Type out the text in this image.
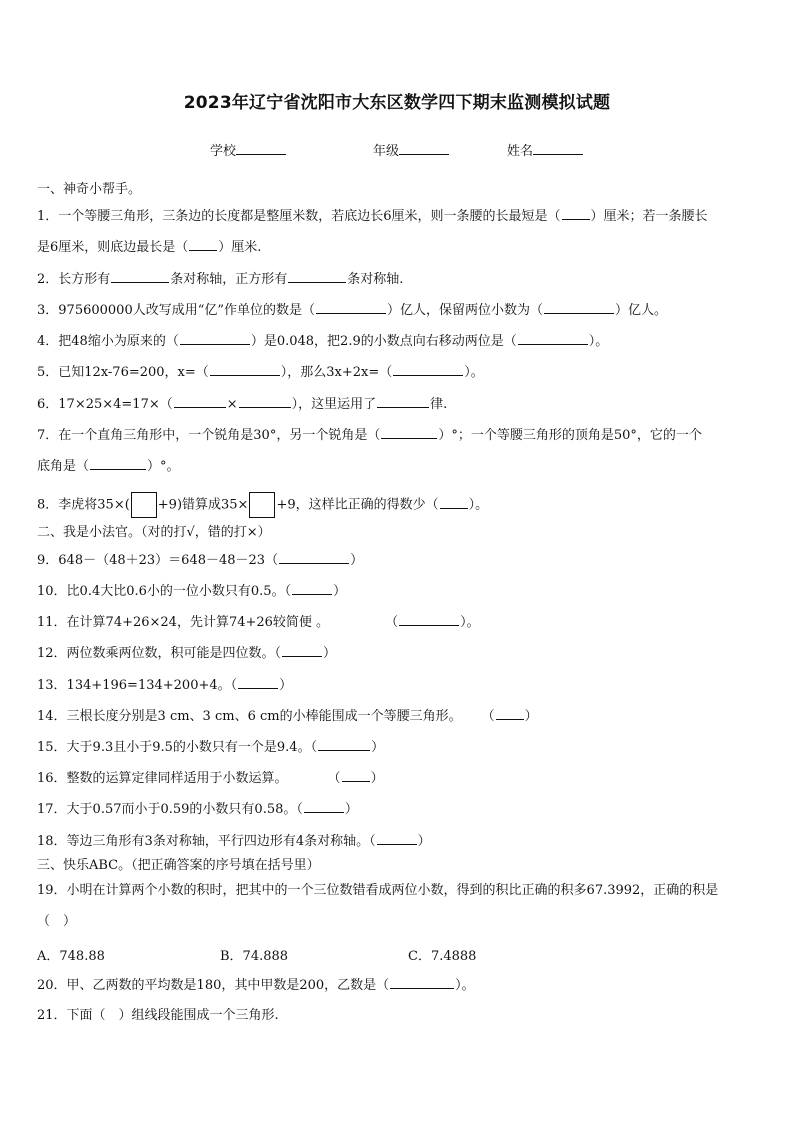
2023年辽宁省沈阳市大东区数学四下期末监测模拟试题
学校	年级	姓名
一、神奇小帮手。
1．一个等腰三角形，三条边的长度都是整厘米数，若底边长6厘米，则一条腰的长最短是（ ）厘米；若一条腰长
是6厘米，则底边最长是（ ）厘米.
2．长方形有	条对称轴，正方形有	条对称轴.
3．975600000人改写成用“亿”作单位的数是（	）亿人，保留两位小数为（	）亿人。
4．把48缩小为原来的（	）是0.048，把2.9的小数点向右移动两位是（	）。
5．已知12x-76=200，x=（	），那么3x+2x=（	）。
6．17×25×4=17×（	×	），这里运用了	律.
7．在一个直角三角形中，一个锐角是30°，另一个锐角是（	）°；一个等腰三角形的顶角是50°，它的一个
底角是（	）°。
8．李虎将35×( +9)错算成35× +9，这样比正确的得数少（ ）。
二、我是小法官。（对的打√，错的打×）
9．648－（48＋23）＝648－48－23（	）
10．比0.4大比0.6小的一位小数只有0.5。（	）
11．在计算74+26×24，先计算74+26较简便 。	（	）。
12．两位数乘两位数，积可能是四位数。（	）
13．134+196=134+200+4。（	）
14．三根长度分别是3 cm、3 cm、6 cm的小棒能围成一个等腰三角形。 （ ）
15．大于9.3且小于9.5的小数只有一个是9.4。（	）
16．整数的运算定律同样适用于小数运算。	（ ）
17．大于0.57而小于0.59的小数只有0.58。（	）
18．等边三角形有3条对称轴，平行四边形有4条对称轴。（	）
三、快乐ABC。（把正确答案的序号填在括号里）
19．小明在计算两个小数的积时，把其中的一个三位数错看成两位小数，得到的积比正确的积多67.3992，正确的积是
（　）
A．748.88	B．74.888	C．7.4888
20．甲、乙两数的平均数是180，其中甲数是200，乙数是（	）。
21．下面（　）组线段能围成一个三角形.
